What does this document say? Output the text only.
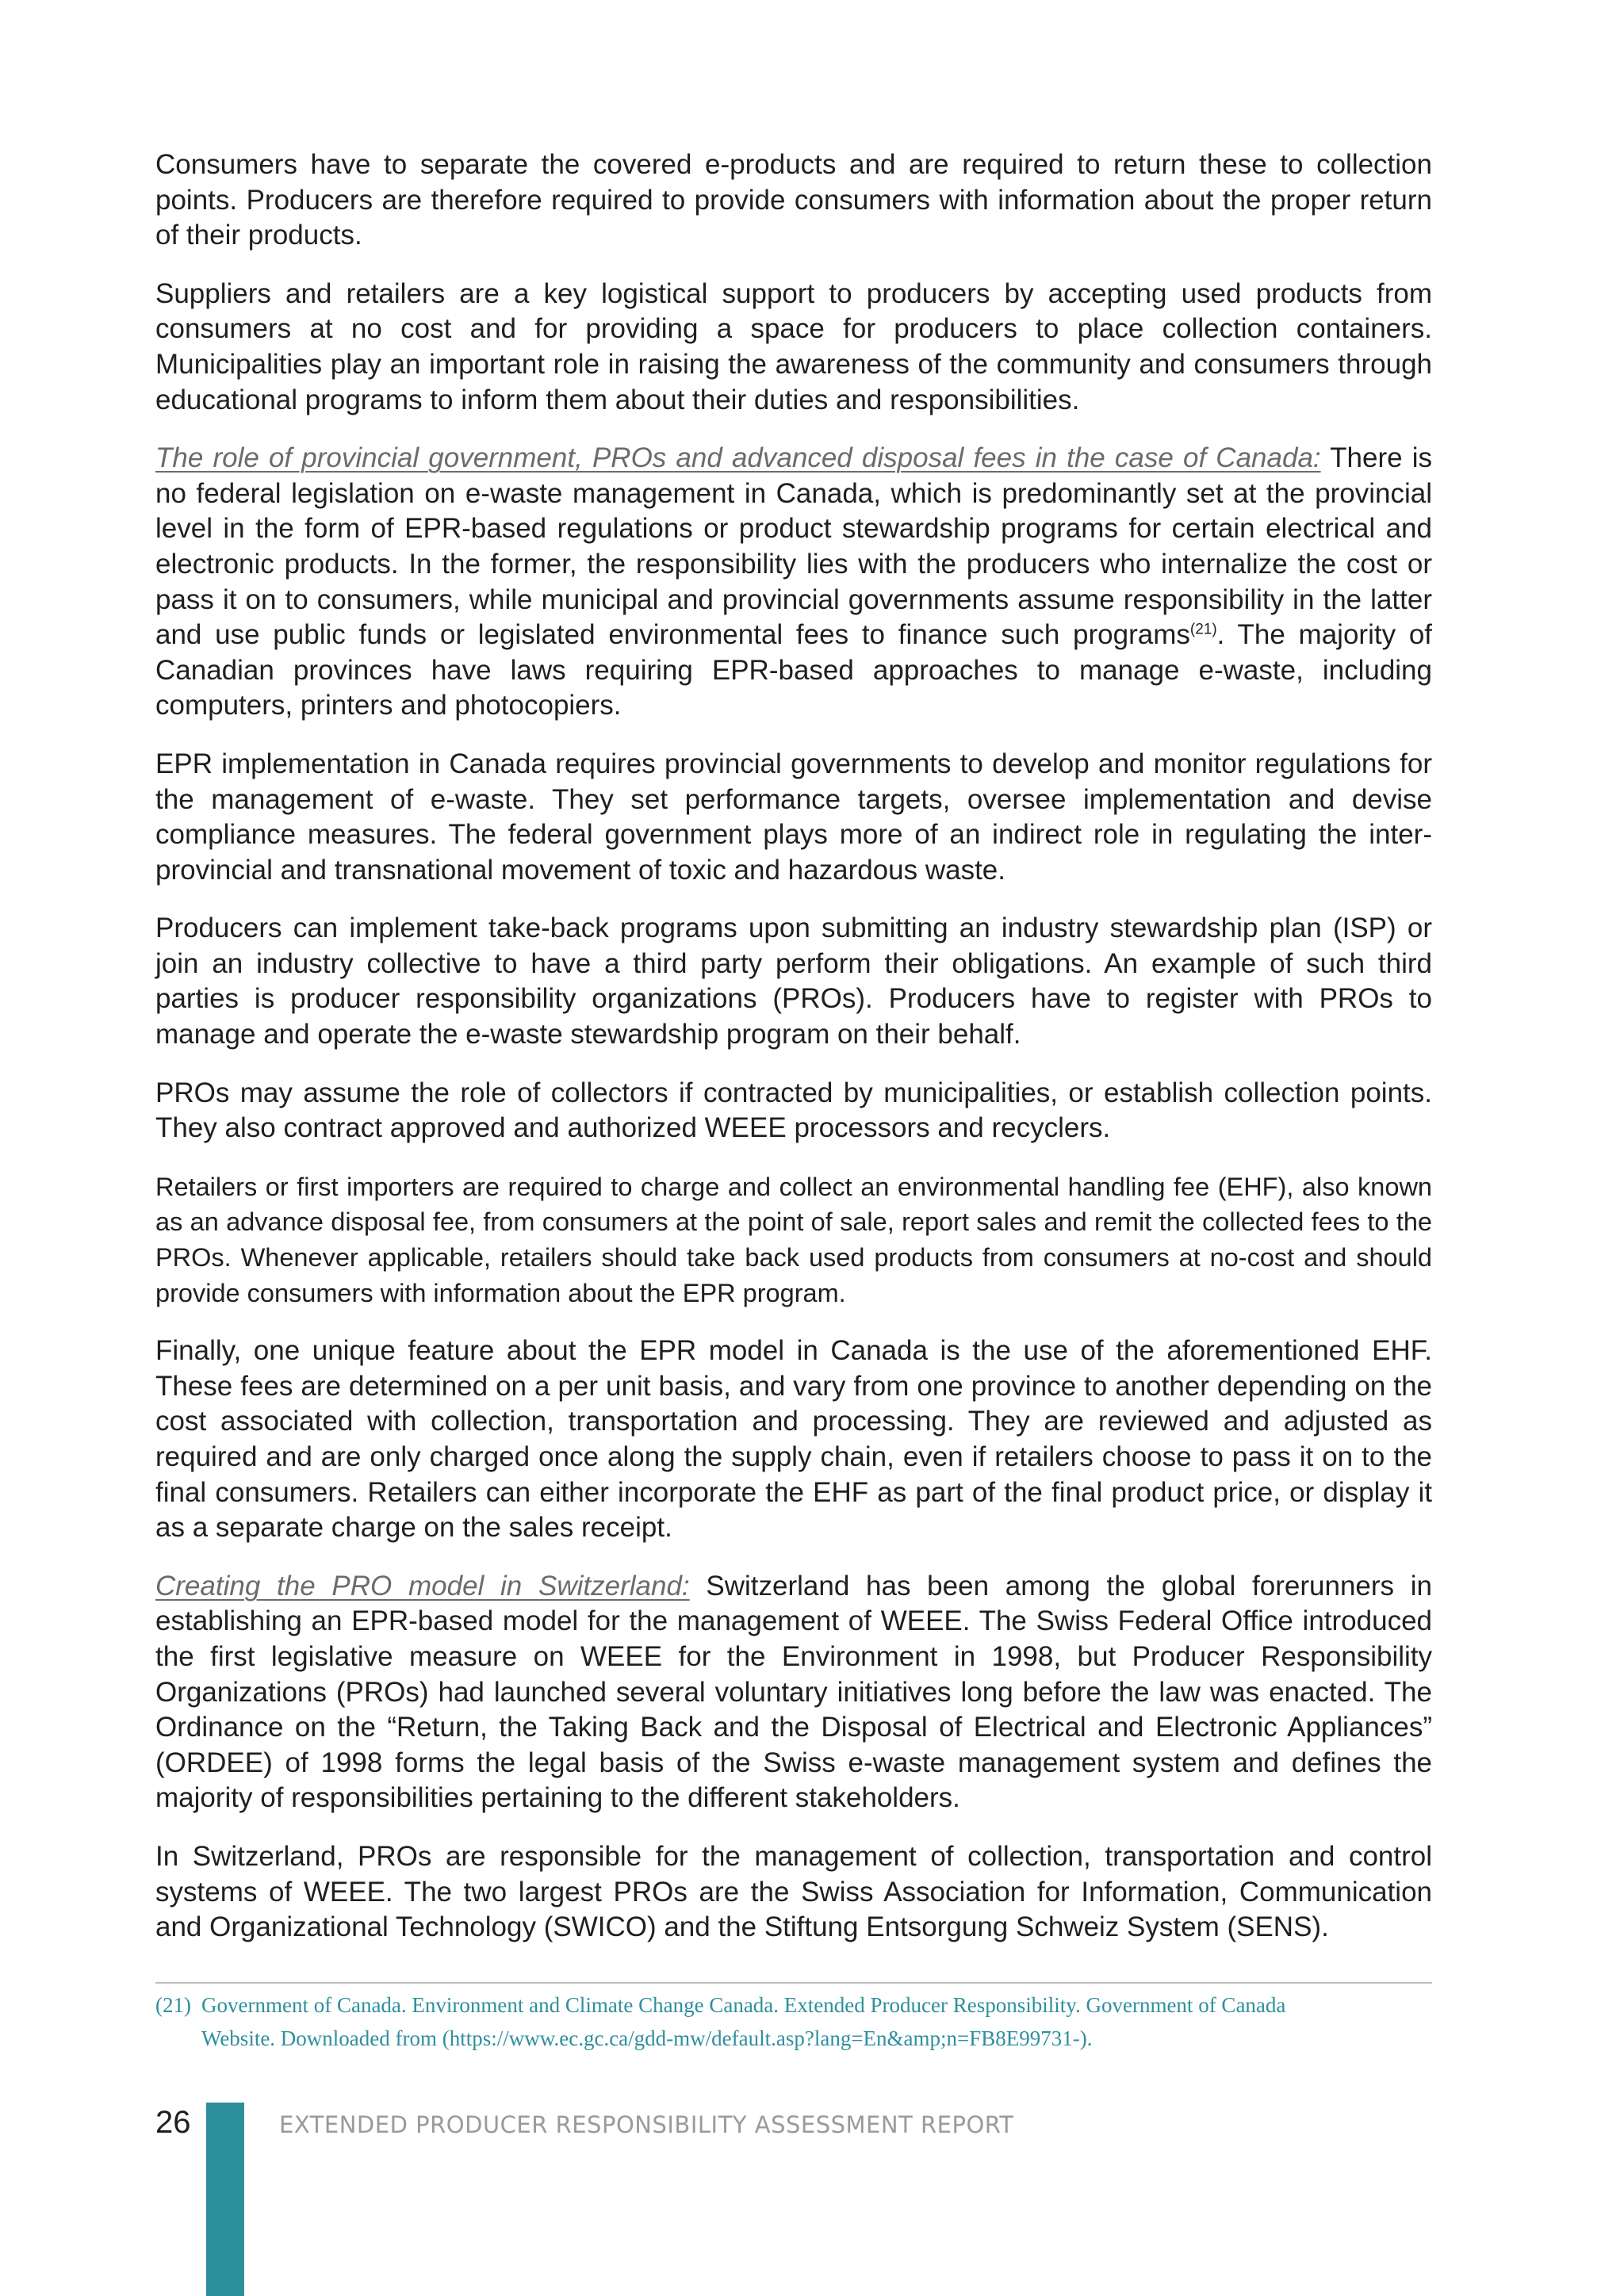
Consumers have to separate the covered e-products and are required to return these to collection points. Producers are therefore required to provide consumers with information about the proper return of their products.

Suppliers and retailers are a key logistical support to producers by accepting used products from consumers at no cost and for providing a space for producers to place collection containers. Municipalities play an important role in raising the awareness of the community and consumers through educational programs to inform them about their duties and responsibilities.

The role of provincial government, PROs and advanced disposal fees in the case of Canada: There is no federal legislation on e-waste management in Canada, which is predominantly set at the provincial level in the form of EPR-based regulations or product stewardship programs for certain electrical and electronic products. In the former, the responsibility lies with the producers who internalize the cost or pass it on to consumers, while municipal and provincial governments assume responsibility in the latter and use public funds or legislated environmental fees to finance such programs$^{(21)}$. The majority of Canadian provinces have laws requiring EPR-based approaches to manage e-waste, including computers, printers and photocopiers.

EPR implementation in Canada requires provincial governments to develop and monitor regulations for the management of e-waste. They set performance targets, oversee implementation and devise compliance measures. The federal government plays more of an indirect role in regulating the inter-provincial and transnational movement of toxic and hazardous waste.

Producers can implement take-back programs upon submitting an industry stewardship plan (ISP) or join an industry collective to have a third party perform their obligations. An example of such third parties is producer responsibility organizations (PROs). Producers have to register with PROs to manage and operate the e-waste stewardship program on their behalf.

PROs may assume the role of collectors if contracted by municipalities, or establish collection points. They also contract approved and authorized WEEE processors and recyclers.

Retailers or first importers are required to charge and collect an environmental handling fee (EHF), also known as an advance disposal fee, from consumers at the point of sale, report sales and remit the collected fees to the PROs. Whenever applicable, retailers should take back used products from consumers at no-cost and should provide consumers with information about the EPR program.

Finally, one unique feature about the EPR model in Canada is the use of the aforementioned EHF. These fees are determined on a per unit basis, and vary from one province to another depending on the cost associated with collection, transportation and processing. They are reviewed and adjusted as required and are only charged once along the supply chain, even if retailers choose to pass it on to the final consumers. Retailers can either incorporate the EHF as part of the final product price, or display it as a separate charge on the sales receipt.

Creating the PRO model in Switzerland: Switzerland has been among the global forerunners in establishing an EPR-based model for the management of WEEE. The Swiss Federal Office introduced the first legislative measure on WEEE for the Environment in 1998, but Producer Responsibility Organizations (PROs) had launched several voluntary initiatives long before the law was enacted. The Ordinance on the “Return, the Taking Back and the Disposal of Electrical and Electronic Appliances” (ORDEE) of 1998 forms the legal basis of the Swiss e-waste management system and defines the majority of responsibilities pertaining to the different stakeholders.

In Switzerland, PROs are responsible for the management of collection, transportation and control systems of WEEE. The two largest PROs are the Swiss Association for Information, Communication and Organizational Technology (SWICO) and the Stiftung Entsorgung Schweiz System (SENS).

(21) Government of Canada. Environment and Climate Change Canada. Extended Producer Responsibility. Government of Canada
Website. Downloaded from (https://www.ec.gc.ca/gdd-mw/default.asp?lang=En&amp;n=FB8E99731-).
26	EXTENDED PRODUCER RESPONSIBILITY ASSESSMENT REPORT
